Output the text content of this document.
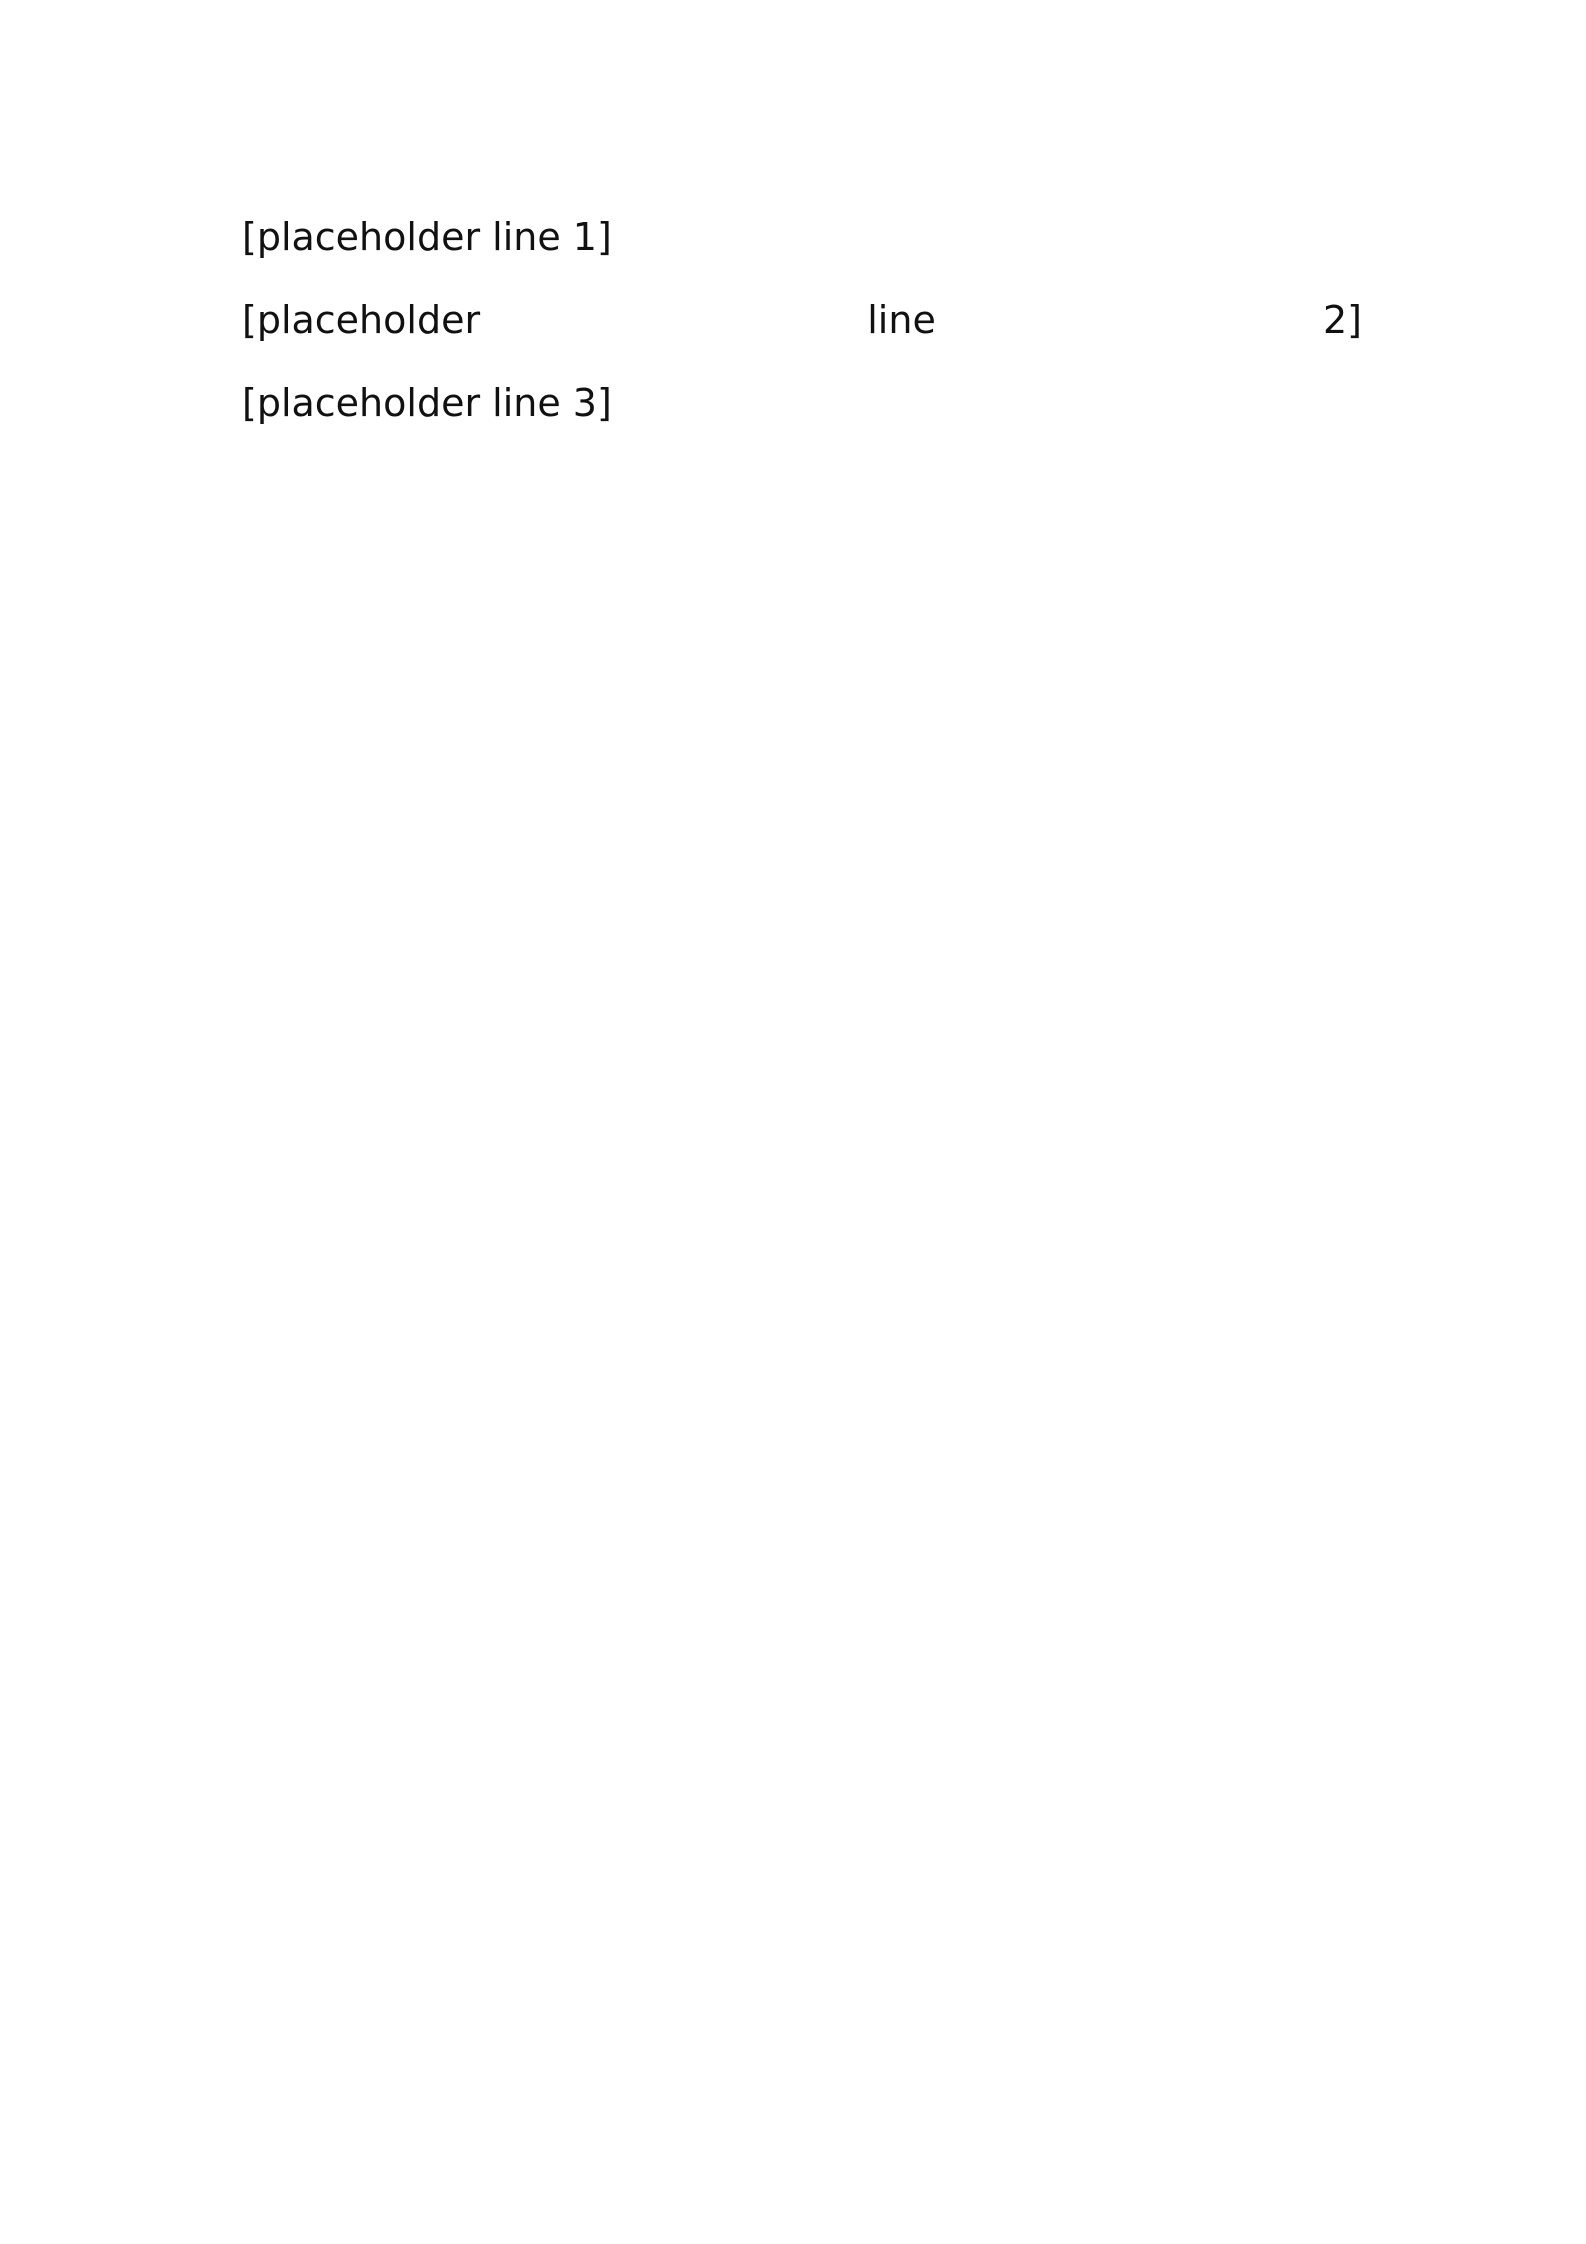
[placeholder line 1]

[placeholder line 2]

[placeholder line 3]
